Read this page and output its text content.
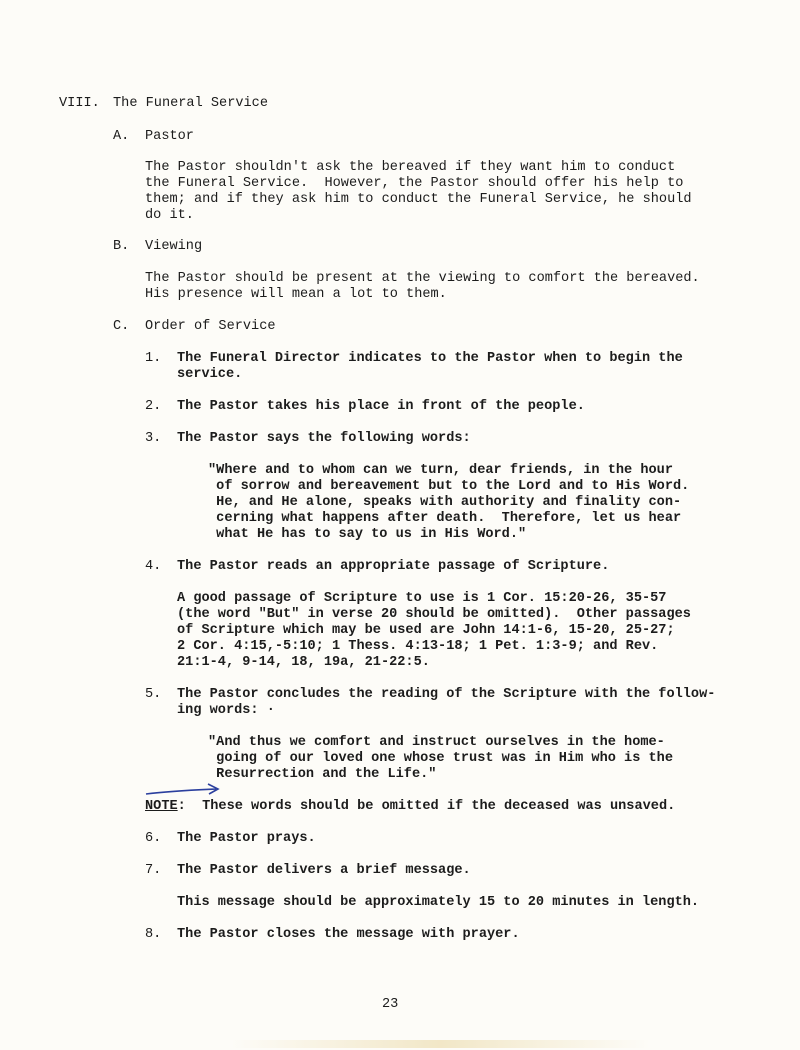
VIII. The Funeral Service
A. Pastor
The Pastor shouldn't ask the bereaved if they want him to conduct
the Funeral Service.  However, the Pastor should offer his help to
them; and if they ask him to conduct the Funeral Service, he should
do it.
B. Viewing
The Pastor should be present at the viewing to comfort the bereaved.
His presence will mean a lot to them.
C. Order of Service
1. The Funeral Director indicates to the Pastor when to begin the
service.
2. The Pastor takes his place in front of the people.
3. The Pastor says the following words:
"Where and to whom can we turn, dear friends, in the hour
of sorrow and bereavement but to the Lord and to His Word.
He, and He alone, speaks with authority and finality con-
cerning what happens after death.  Therefore, let us hear
what He has to say to us in His Word."
4. The Pastor reads an appropriate passage of Scripture.
A good passage of Scripture to use is 1 Cor. 15:20-26, 35-57
(the word "But" in verse 20 should be omitted).  Other passages
of Scripture which may be used are John 14:1-6, 15-20, 25-27;
2 Cor. 4:15,-5:10; 1 Thess. 4:13-18; 1 Pet. 1:3-9; and Rev.
21:1-4, 9-14, 18, 19a, 21-22:5.
5. The Pastor concludes the reading of the Scripture with the follow-
ing words: ·
"And thus we comfort and instruct ourselves in the home-
going of our loved one whose trust was in Him who is the
Resurrection and the Life."
NOTE:  These words should be omitted if the deceased was unsaved.
6. The Pastor prays.
7. The Pastor delivers a brief message.
This message should be approximately 15 to 20 minutes in length.
8. The Pastor closes the message with prayer.
23
